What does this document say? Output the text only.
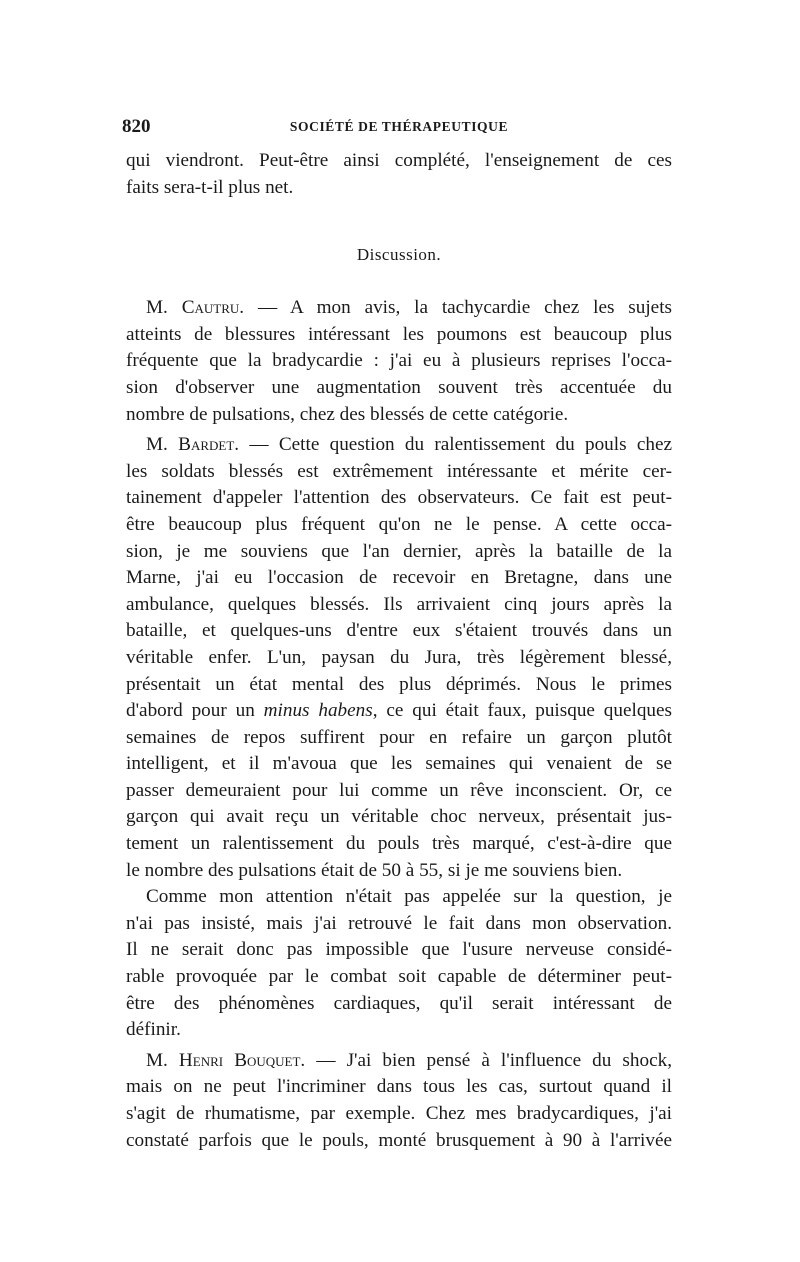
820	SOCIÉTÉ DE THÉRAPEUTIQUE
qui viendront. Peut-être ainsi complété, l'enseignement de ces
faits sera-t-il plus net.
Discussion.
M. Cautru. — A mon avis, la tachycardie chez les sujets
atteints de blessures intéressant les poumons est beaucoup plus
fréquente que la bradycardie : j'ai eu à plusieurs reprises l'occa-
sion d'observer une augmentation souvent très accentuée du
nombre de pulsations, chez des blessés de cette catégorie.
M. Bardet. — Cette question du ralentissement du pouls chez
les soldats blessés est extrêmement intéressante et mérite cer-
tainement d'appeler l'attention des observateurs. Ce fait est peut-
être beaucoup plus fréquent qu'on ne le pense. A cette occa-
sion, je me souviens que l'an dernier, après la bataille de la
Marne, j'ai eu l'occasion de recevoir en Bretagne, dans une
ambulance, quelques blessés. Ils arrivaient cinq jours après la
bataille, et quelques-uns d'entre eux s'étaient trouvés dans un
véritable enfer. L'un, paysan du Jura, très légèrement blessé,
présentait un état mental des plus déprimés. Nous le primes
d'abord pour un minus habens, ce qui était faux, puisque quelques
semaines de repos suffirent pour en refaire un garçon plutôt
intelligent, et il m'avoua que les semaines qui venaient de se
passer demeuraient pour lui comme un rêve inconscient. Or, ce
garçon qui avait reçu un véritable choc nerveux, présentait jus-
tement un ralentissement du pouls très marqué, c'est-à-dire que
le nombre des pulsations était de 50 à 55, si je me souviens bien.
Comme mon attention n'était pas appelée sur la question, je
n'ai pas insisté, mais j'ai retrouvé le fait dans mon observation.
Il ne serait donc pas impossible que l'usure nerveuse considé-
rable provoquée par le combat soit capable de déterminer peut-
être des phénomènes cardiaques, qu'il serait intéressant de
définir.
M. Henri Bouquet. — J'ai bien pensé à l'influence du shock,
mais on ne peut l'incriminer dans tous les cas, surtout quand il
s'agit de rhumatisme, par exemple. Chez mes bradycardiques, j'ai
constaté parfois que le pouls, monté brusquement à 90 à l'arrivée
